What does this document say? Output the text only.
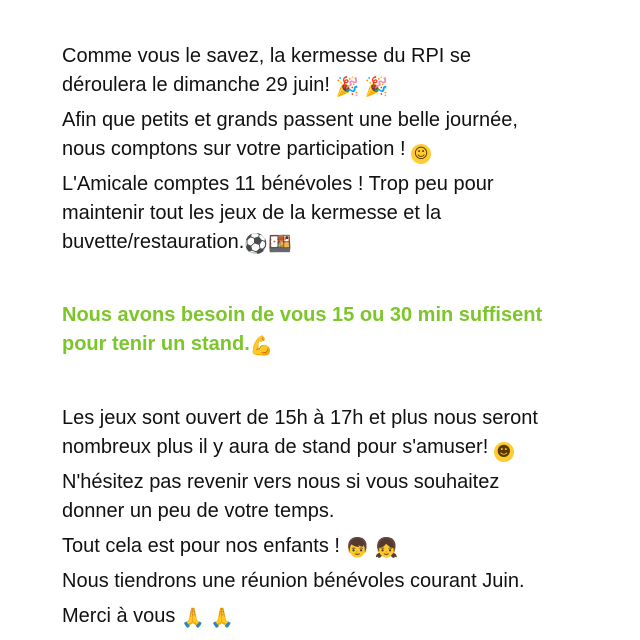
Comme vous le savez, la kermesse du RPI se
déroulera le dimanche 29 juin! 🎉 🎉

Afin que petits et grands passent une belle journée,
nous comptons sur votre participation ! ☺

L'Amicale comptes 11 bénévoles ! Trop peu pour
maintenir tout les jeux de la kermesse et la
buvette/restauration.⚽🍱

Nous avons besoin de vous 15 ou 30 min suffisent
pour tenir un stand.💪

Les jeux sont ouvert de 15h à 17h et plus nous seront
nombreux plus il y aura de stand pour s'amuser! ☻

N'hésitez pas revenir vers nous si vous souhaitez
donner un peu de votre temps.

Tout cela est pour nos enfants ! 👦 👧

Nous tiendrons une réunion bénévoles courant Juin.

Merci à vous 🙏 🙏
